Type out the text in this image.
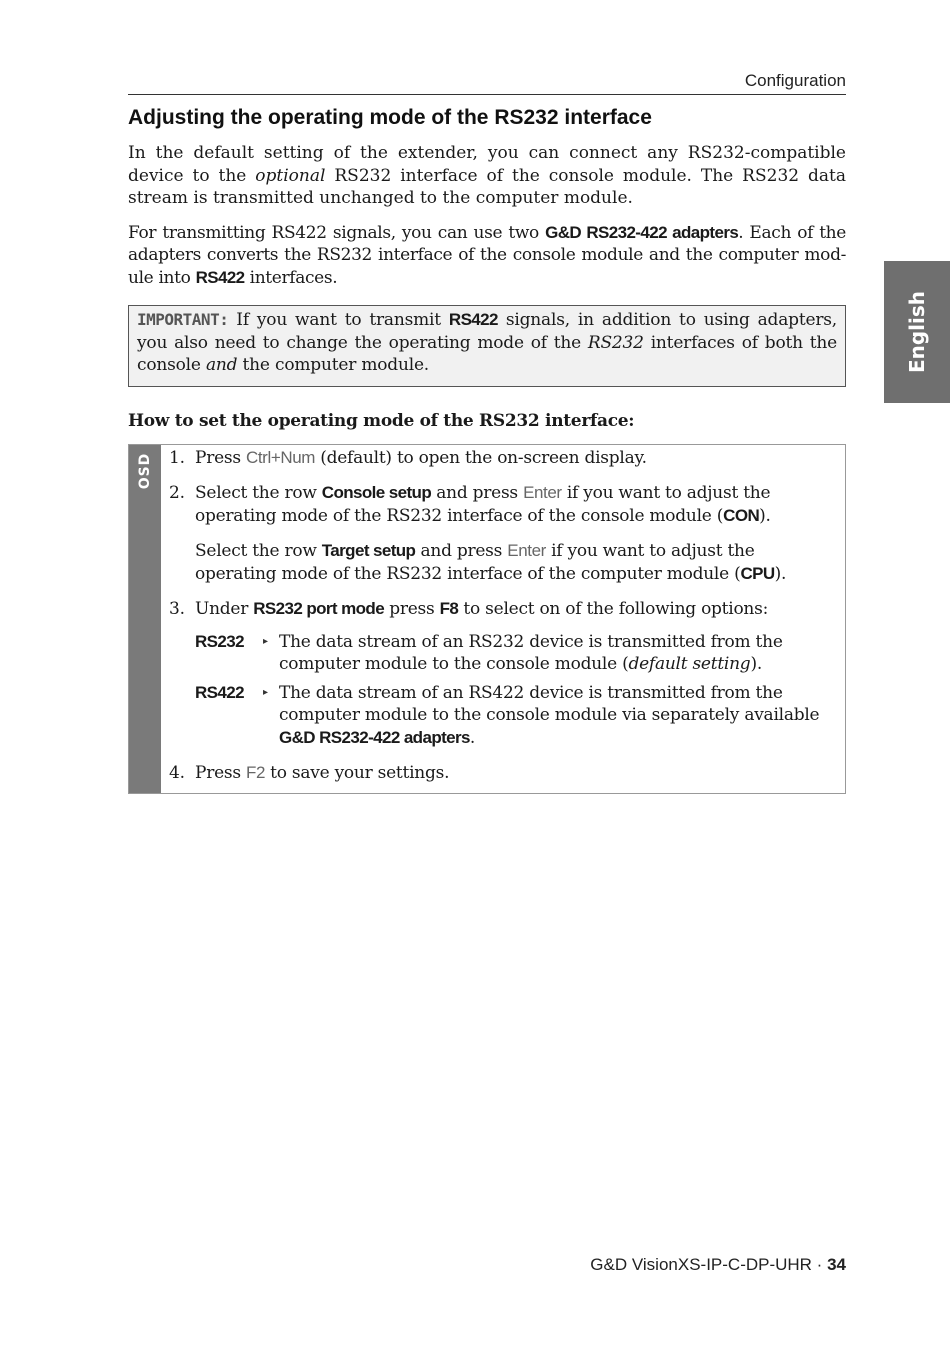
Configuration
English
Adjusting the operating mode of the RS232 interface

In the default setting of the extender, you can connect any RS232-compatible device to the optional RS232 interface of the console module. The RS232 data stream is transmitted unchanged to the computer module.

For transmitting RS422 signals, you can use two G&D RS232-422 adapters. Each of the adapters converts the RS232 interface of the console module and the computer mod-ule into RS422 interfaces.

IMPORTANT: If you want to transmit RS422 signals, in addition to using adapters, you also need to change the operating mode of the RS232 interfaces of both the console and the computer module.
How to set the operating mode of the RS232 interface:
OSD 1. Press Ctrl+Num (default) to open the on-screen display.
2. Select the row Console setup and press Enter if you want to adjust the operating mode of the RS232 interface of the console module (CON).
Select the row Target setup and press Enter if you want to adjust the operating mode of the RS232 interface of the computer module (CPU).
3. Under RS232 port mode press F8 to select on of the following options:
RS232	▸ The data stream of an RS232 device is transmitted from the computer module to the console module (default setting).
RS422	▸ The data stream of an RS422 device is transmitted from the computer module to the console module via separately available G&D RS232-422 adapters.
4. Press F2 to save your settings.
G&D VisionXS-IP-C-DP-UHR · 34
